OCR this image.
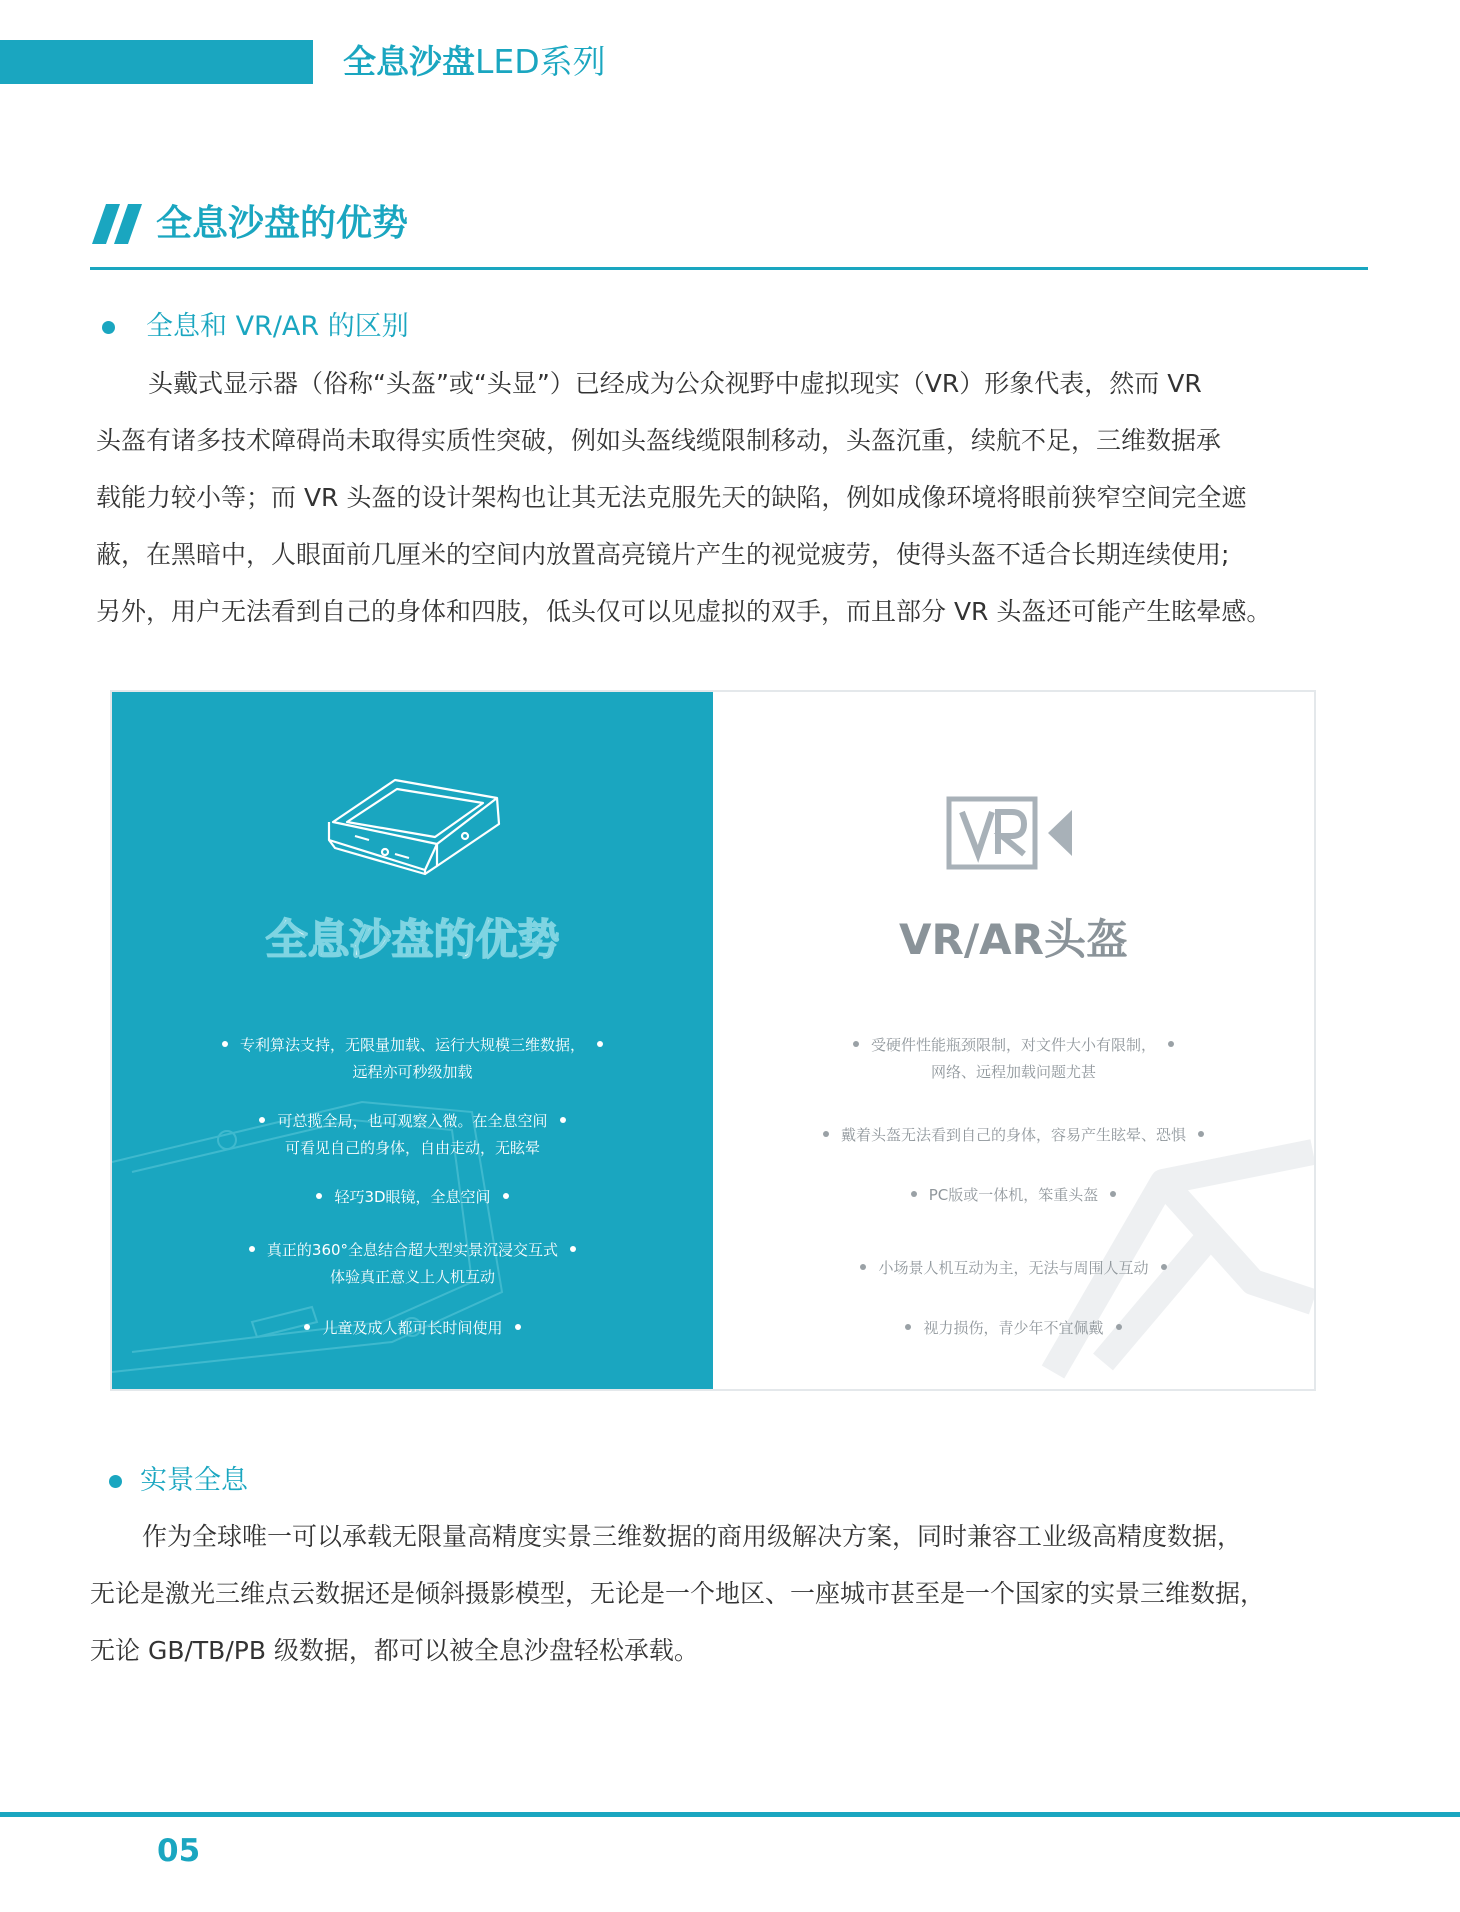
全息沙盘LED系列
全息沙盘的优势
全息和 VR/AR 的区别
头戴式显示器（俗称“头盔”或“头显”）已经成为公众视野中虚拟现实（VR）形象代表，然而 VR
头盔有诸多技术障碍尚未取得实质性突破，例如头盔线缆限制移动，头盔沉重，续航不足，三维数据承
载能力较小等；而 VR 头盔的设计架构也让其无法克服先天的缺陷，例如成像环境将眼前狭窄空间完全遮
蔽，在黑暗中，人眼面前几厘米的空间内放置高亮镜片产生的视觉疲劳，使得头盔不适合长期连续使用;
另外，用户无法看到自己的身体和四肢，低头仅可以见虚拟的双手，而且部分 VR 头盔还可能产生眩晕感。
全息沙盘的优势
专利算法支持，无限量加载、运行大规模三维数据，
远程亦可秒级加载
可总揽全局，也可观察入微。在全息空间
可看见自己的身体，自由走动，无眩晕
轻巧3D眼镜，全息空间
真正的360°全息结合超大型实景沉浸交互式
体验真正意义上人机互动
儿童及成人都可长时间使用
VR/AR头盔
受硬件性能瓶颈限制，对文件大小有限制，
网络、远程加载问题尤甚
戴着头盔无法看到自己的身体，容易产生眩晕、恐惧
PC版或一体机，笨重头盔
小场景人机互动为主，无法与周围人互动
视力损伤，青少年不宜佩戴
实景全息
作为全球唯一可以承载无限量高精度实景三维数据的商用级解决方案，同时兼容工业级高精度数据，
无论是激光三维点云数据还是倾斜摄影模型，无论是一个地区、一座城市甚至是一个国家的实景三维数据，
无论 GB/TB/PB 级数据，都可以被全息沙盘轻松承载。
05
